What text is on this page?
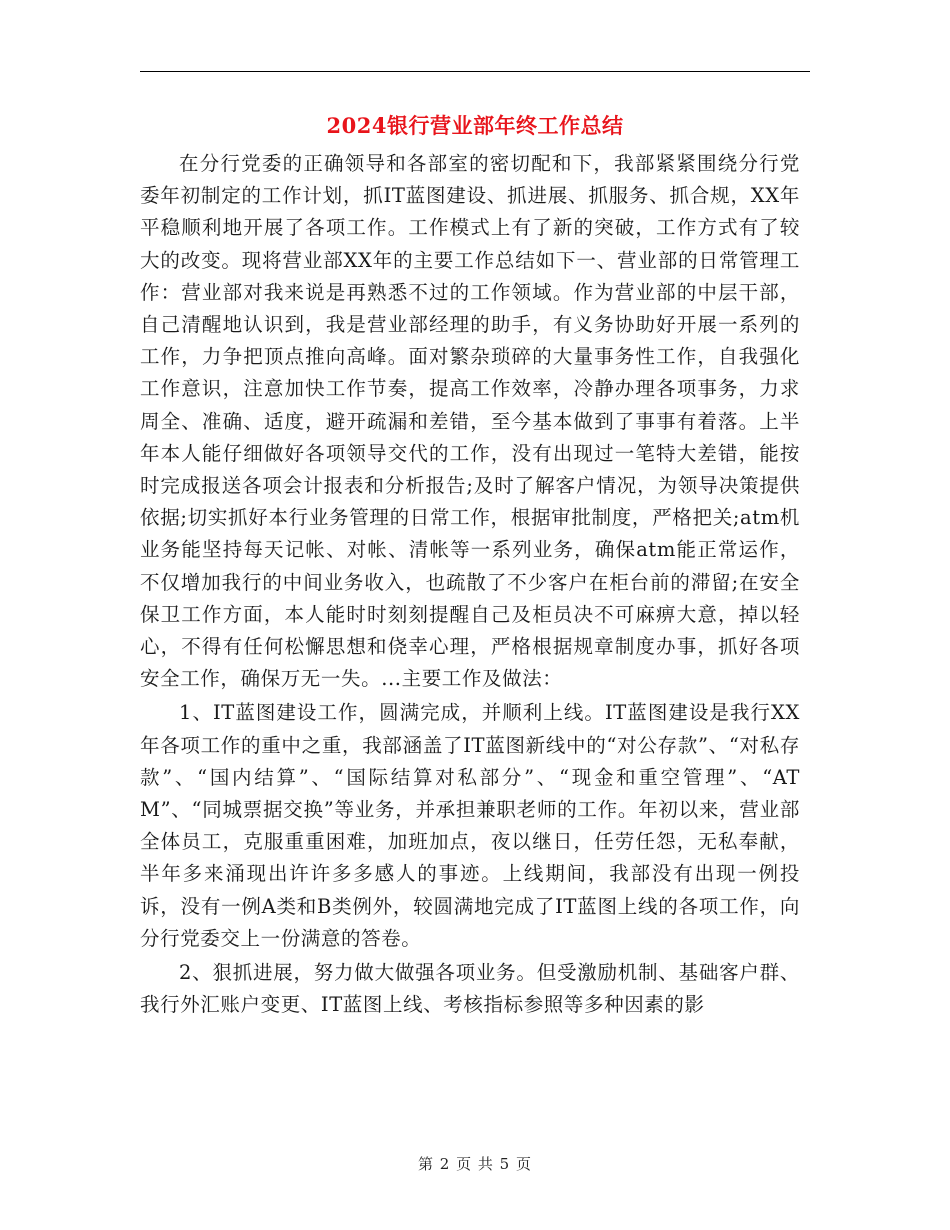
2024银行营业部年终工作总结

在分行党委的正确领导和各部室的密切配和下，我部紧紧围绕分行党委年初制定的工作计划，抓IT蓝图建设、抓进展、抓服务、抓合规，XX年平稳顺利地开展了各项工作。工作模式上有了新的突破，工作方式有了较大的改变。现将营业部XX年的主要工作总结如下一、营业部的日常管理工作：营业部对我来说是再熟悉不过的工作领域。作为营业部的中层干部，自己清醒地认识到，我是营业部经理的助手，有义务协助好开展一系列的工作，力争把顶点推向高峰。面对繁杂琐碎的大量事务性工作，自我强化工作意识，注意加快工作节奏，提高工作效率，冷静办理各项事务，力求周全、准确、适度，避开疏漏和差错，至今基本做到了事事有着落。上半年本人能仔细做好各项领导交代的工作，没有出现过一笔特大差错，能按时完成报送各项会计报表和分析报告;及时了解客户情况，为领导决策提供依据;切实抓好本行业务管理的日常工作，根据审批制度，严格把关;atm机业务能坚持每天记帐、对帐、清帐等一系列业务，确保atm能正常运作，不仅增加我行的中间业务收入，也疏散了不少客户在柜台前的滞留;在安全保卫工作方面，本人能时时刻刻提醒自己及柜员决不可麻痹大意，掉以轻心，不得有任何松懈思想和侥幸心理，严格根据规章制度办事，抓好各项安全工作，确保万无一失。...主要工作及做法：

1、IT蓝图建设工作，圆满完成，并顺利上线。IT蓝图建设是我行XX年各项工作的重中之重，我部涵盖了IT蓝图新线中的“对公存款”、“对私存款”、“国内结算”、“国际结算对私部分”、“现金和重空管理”、“ATM”、“同城票据交换”等业务，并承担兼职老师的工作。年初以来，营业部全体员工，克服重重困难，加班加点，夜以继日，任劳任怨，无私奉献，半年多来涌现出许许多多感人的事迹。上线期间，我部没有出现一例投诉，没有一例A类和B类例外，较圆满地完成了IT蓝图上线的各项工作，向分行党委交上一份满意的答卷。

2、狠抓进展，努力做大做强各项业务。但受激励机制、基础客户群、我行外汇账户变更、IT蓝图上线、考核指标参照等多种因素的影

第 2 页 共 5 页
